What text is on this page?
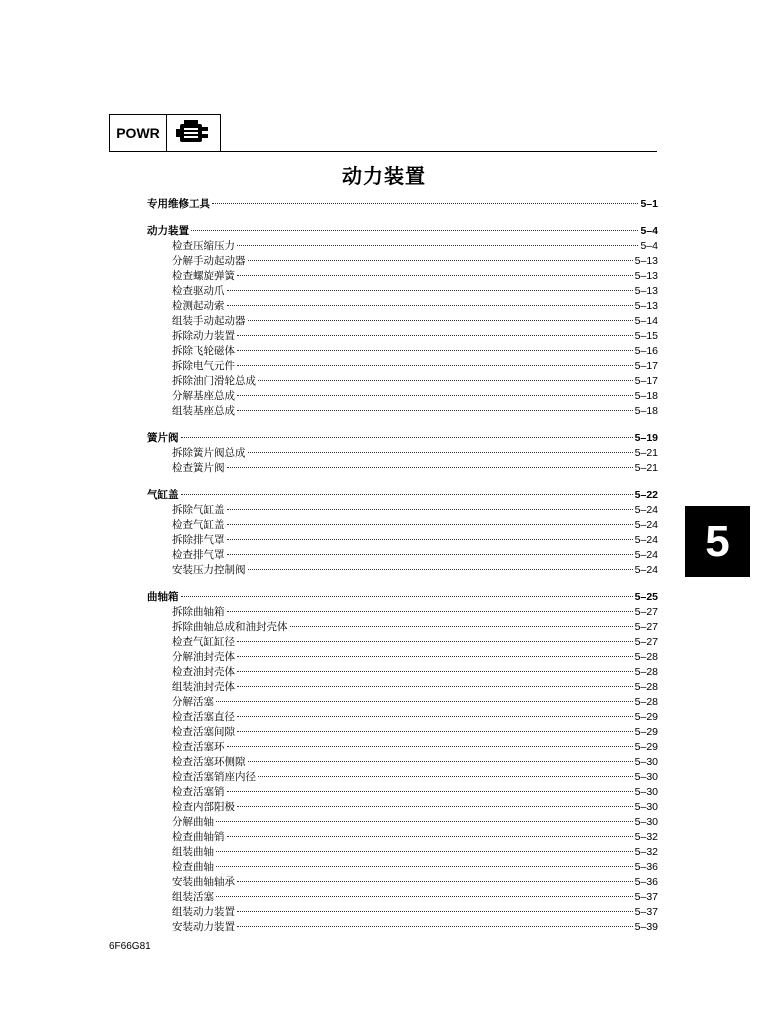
POWR
动力装置
专用维修工具	5–1
动力装置	5–4
检查压缩压力	5–4
分解手动起动器	5–13
检查螺旋弹簧	5–13
检查驱动爪	5–13
检测起动索	5–13
组装手动起动器	5–14
拆除动力装置	5–15
拆除飞轮磁体	5–16
拆除电气元件	5–17
拆除油门滑轮总成	5–17
分解基座总成	5–18
组装基座总成	5–18
簧片阀	5–19
拆除簧片阀总成	5–21
检查簧片阀	5–21
气缸盖	5–22
拆除气缸盖	5–24
检查气缸盖	5–24
拆除排气罩	5–24
检查排气罩	5–24
安装压力控制阀	5–24
曲轴箱	5–25
拆除曲轴箱	5–27
拆除曲轴总成和油封壳体	5–27
检查气缸缸径	5–27
分解油封壳体	5–28
检查油封壳体	5–28
组装油封壳体	5–28
分解活塞	5–28
检查活塞直径	5–29
检查活塞间隙	5–29
检查活塞环	5–29
检查活塞环侧隙	5–30
检查活塞销座内径	5–30
检查活塞销	5–30
检查内部阳极	5–30
分解曲轴	5–30
检查曲轴销	5–32
组装曲轴	5–32
检查曲轴	5–36
安装曲轴轴承	5–36
组装活塞	5–37
组装动力装置	5–37
安装动力装置	5–39
5
6F66G81
